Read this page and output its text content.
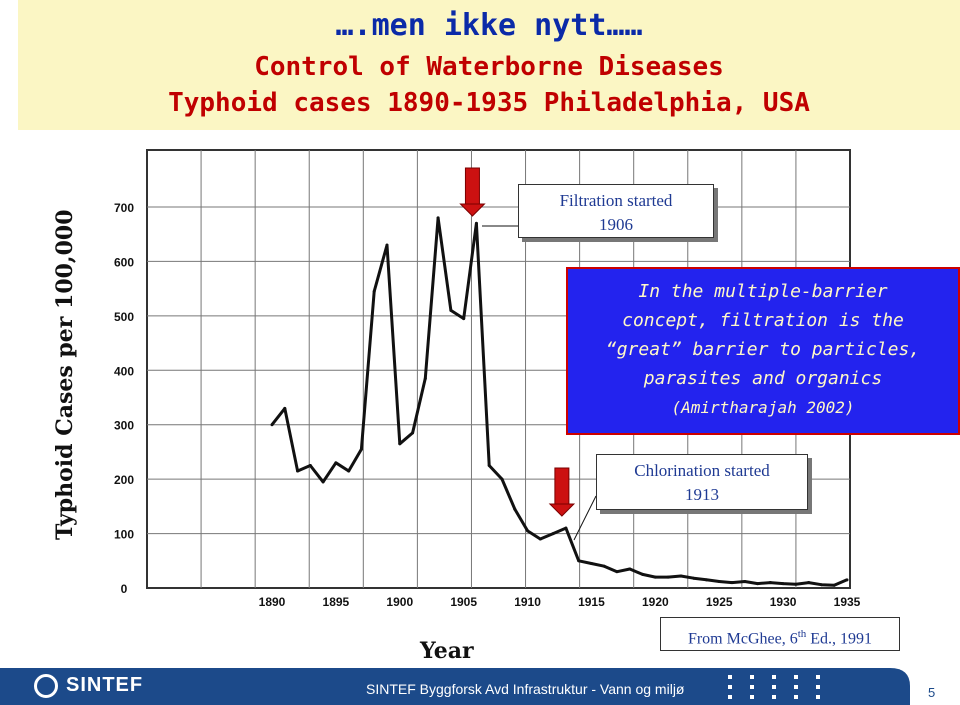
….men ikke nytt……
Control of Waterborne Diseases
Typhoid cases 1890-1935 Philadelphia, USA
0
100
200
300
400
500
600
700
1890	1895	1900	1905	1910	1915	1920	1925	1930	1935
Typhoid Cases per 100,000
Year
Filtration started
1906
In the multiple-barrier
concept, filtration is the
“great” barrier to particles,
parasites and organics
(Amirtharajah 2002)
Chlorination started
1913
From McGhee, 6th Ed., 1991
SINTEF	SINTEF Byggforsk Avd Infrastruktur - Vann og miljø	5
